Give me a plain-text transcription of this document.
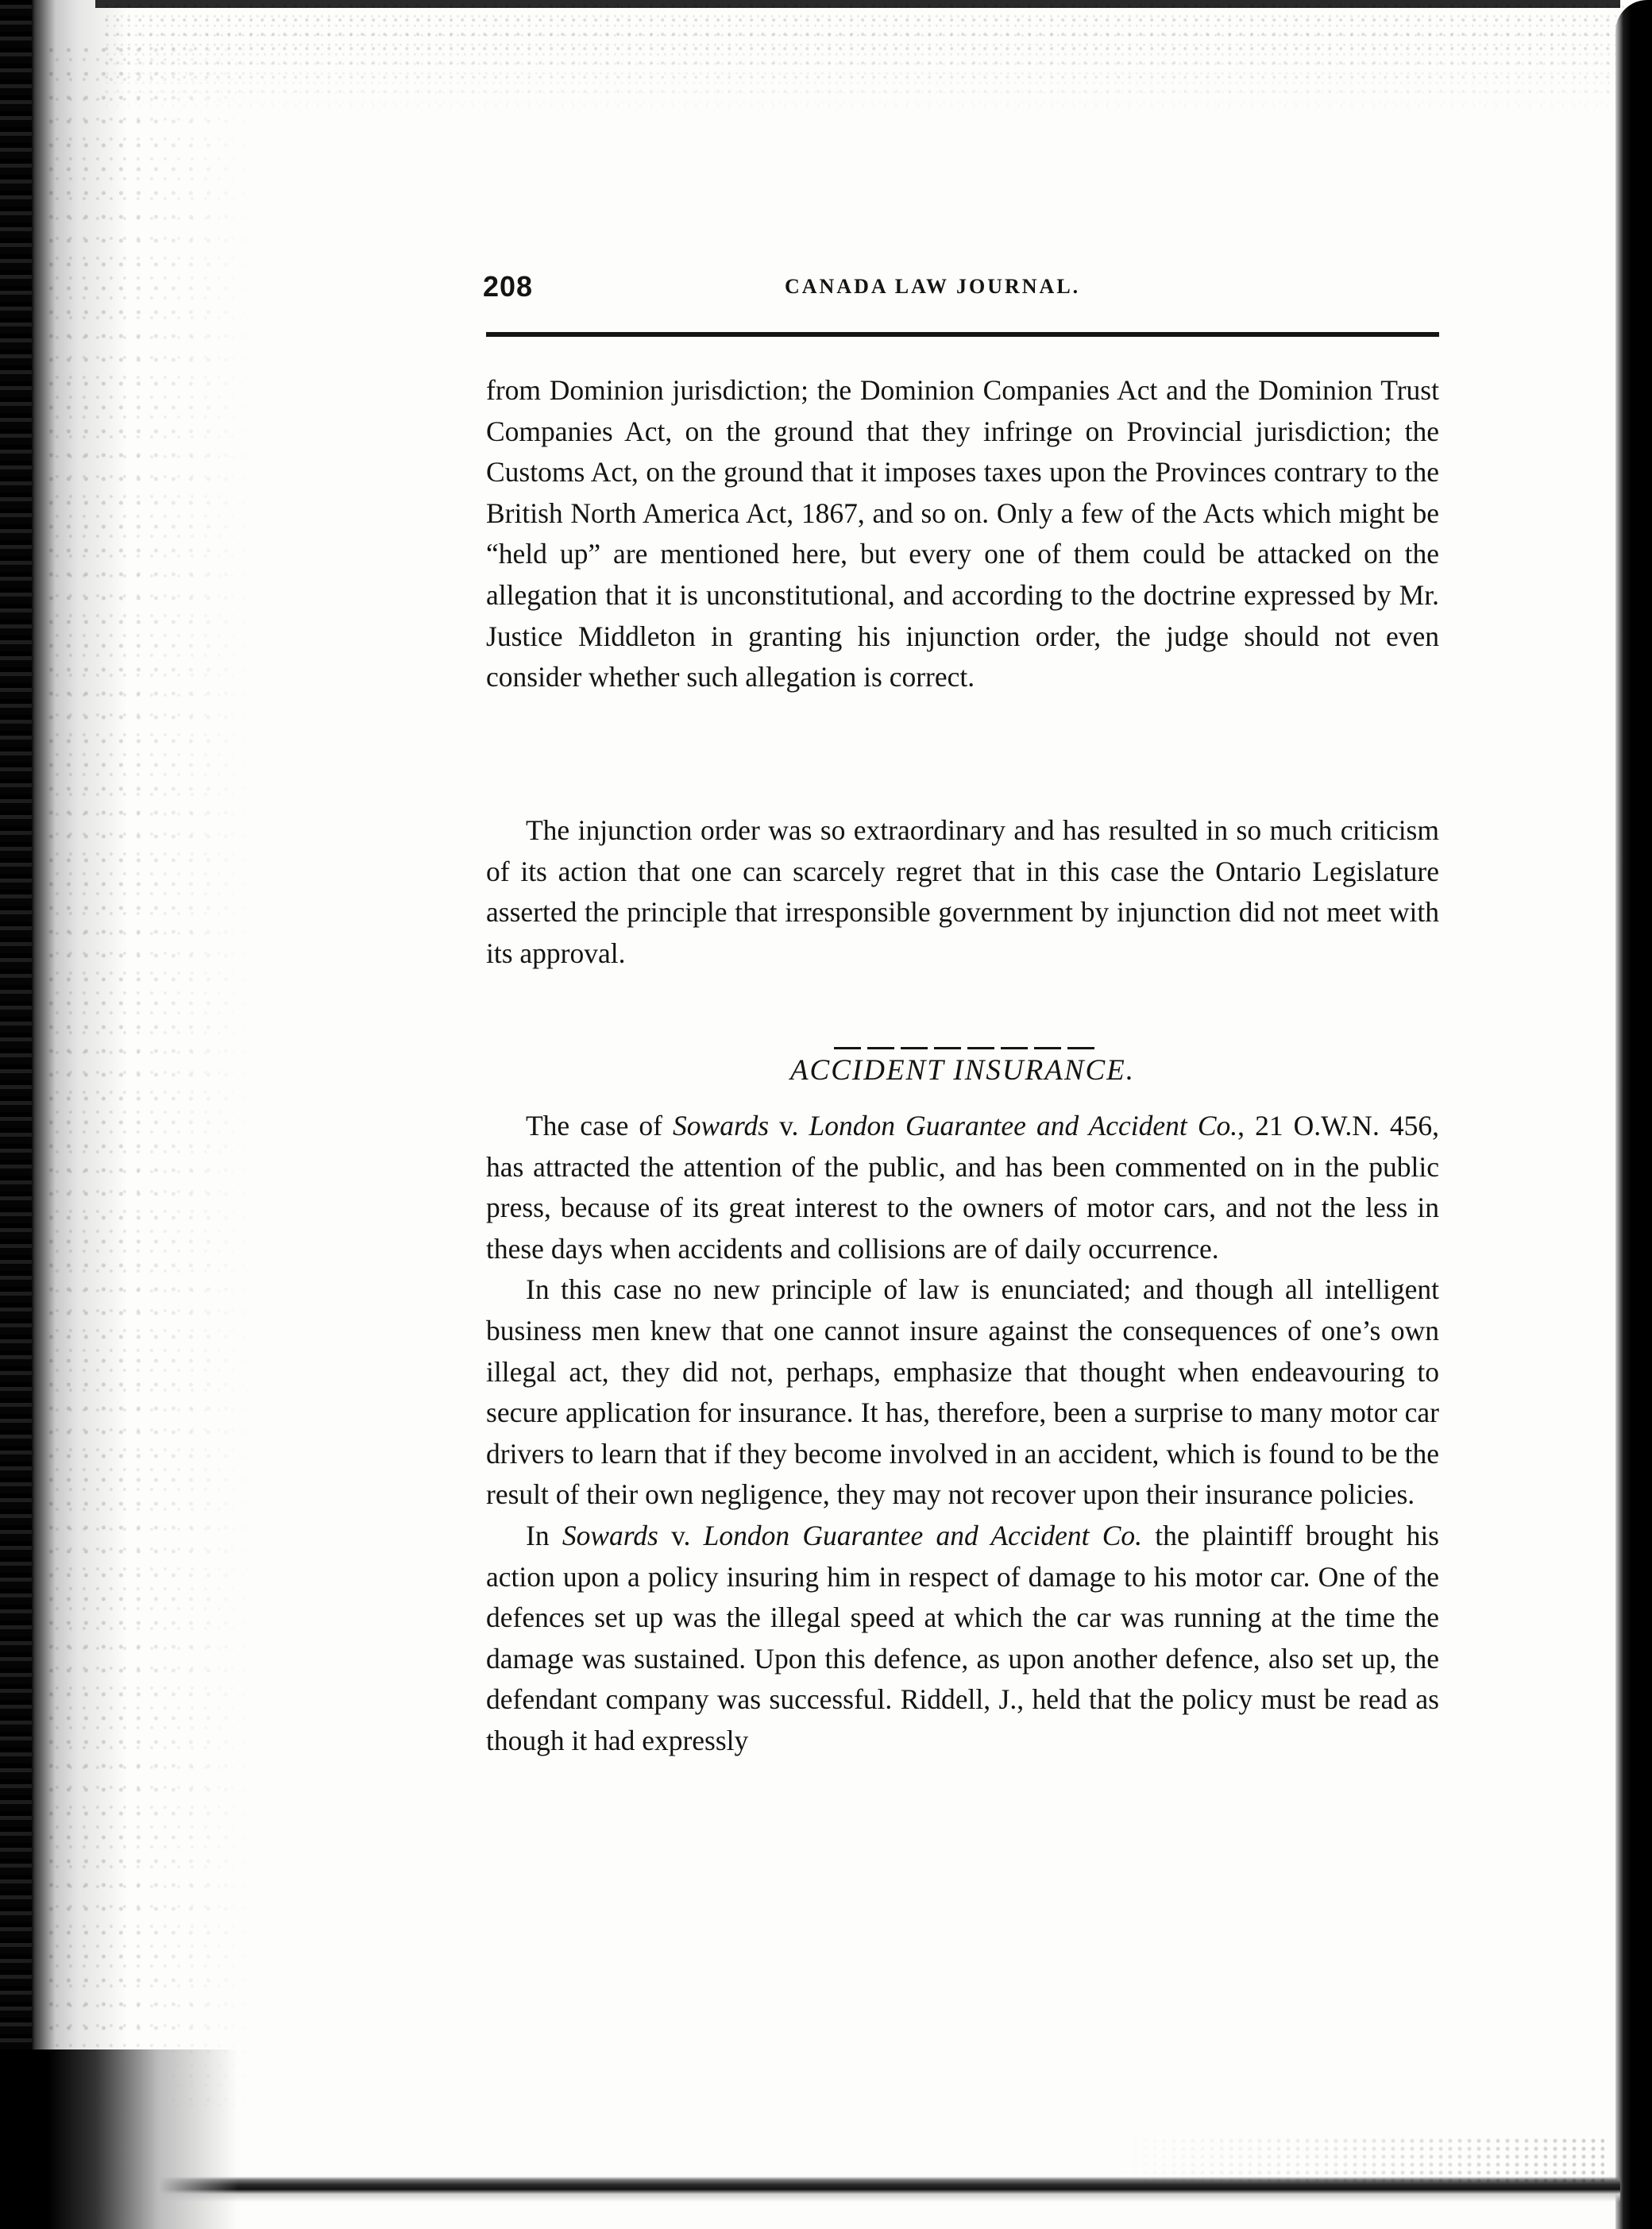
208	CANADA LAW JOURNAL.

from Dominion jurisdiction; the Dominion Companies Act and the Dominion Trust Companies Act, on the ground that they infringe on Provincial jurisdiction; the Customs Act, on the ground that it imposes taxes upon the Provinces contrary to the British North America Act, 1867, and so on. Only a few of the Acts which might be “held up” are mentioned here, but every one of them could be attacked on the allegation that it is unconstitutional, and according to the doctrine expressed by Mr. Justice Middleton in granting his injunction order, the judge should not even consider whether such allegation is correct.

The injunction order was so extraordinary and has resulted in so much criticism of its action that one can scarcely regret that in this case the Ontario Legislature asserted the principle that irresponsible government by injunction did not meet with its approval.

ACCIDENT INSURANCE.

The case of Sowards v. London Guarantee and Accident Co., 21 O.W.N. 456, has attracted the attention of the public, and has been commented on in the public press, because of its great interest to the owners of motor cars, and not the less in these days when accidents and collisions are of daily occurrence.

In this case no new principle of law is enunciated; and though all intelligent business men knew that one cannot insure against the consequences of one’s own illegal act, they did not, perhaps, emphasize that thought when endeavouring to secure application for insurance. It has, therefore, been a surprise to many motor car drivers to learn that if they become involved in an accident, which is found to be the result of their own negligence, they may not recover upon their insurance policies.

In Sowards v. London Guarantee and Accident Co. the plaintiff brought his action upon a policy insuring him in respect of damage to his motor car. One of the defences set up was the illegal speed at which the car was running at the time the damage was sustained. Upon this defence, as upon another defence, also set up, the defendant company was successful. Riddell, J., held that the policy must be read as though it had expressly
